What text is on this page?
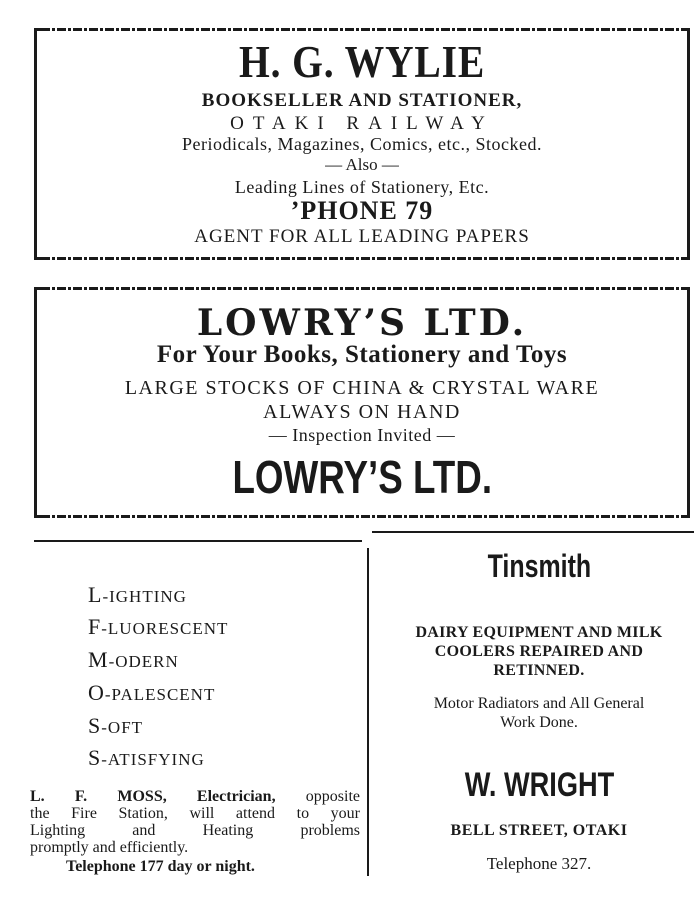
H. G. WYLIE
BOOKSELLER AND STATIONER,
OTAKI RAILWAY
Periodicals, Magazines, Comics, etc., Stocked.
— Also —
Leading Lines of Stationery, Etc.
’PHONE 79
AGENT FOR ALL LEADING PAPERS
LOWRY’S LTD.
For Your Books, Stationery and Toys
LARGE STOCKS OF CHINA & CRYSTAL WARE
ALWAYS ON HAND
— Inspection Invited —
LOWRY’S LTD.
L-IGHTING
F-LUORESCENT
M-ODERN
O-PALESCENT
S-OFT
S-ATISFYING
L. F. MOSS, Electrician, opposite
the Fire Station, will attend to your
Lighting and Heating problems
promptly and efficiently.
Telephone 177 day or night.
Tinsmith
DAIRY EQUIPMENT AND MILK
COOLERS REPAIRED AND
RETINNED.
Motor Radiators and All General
Work Done.
W. WRIGHT
BELL STREET, OTAKI
Telephone 327.
